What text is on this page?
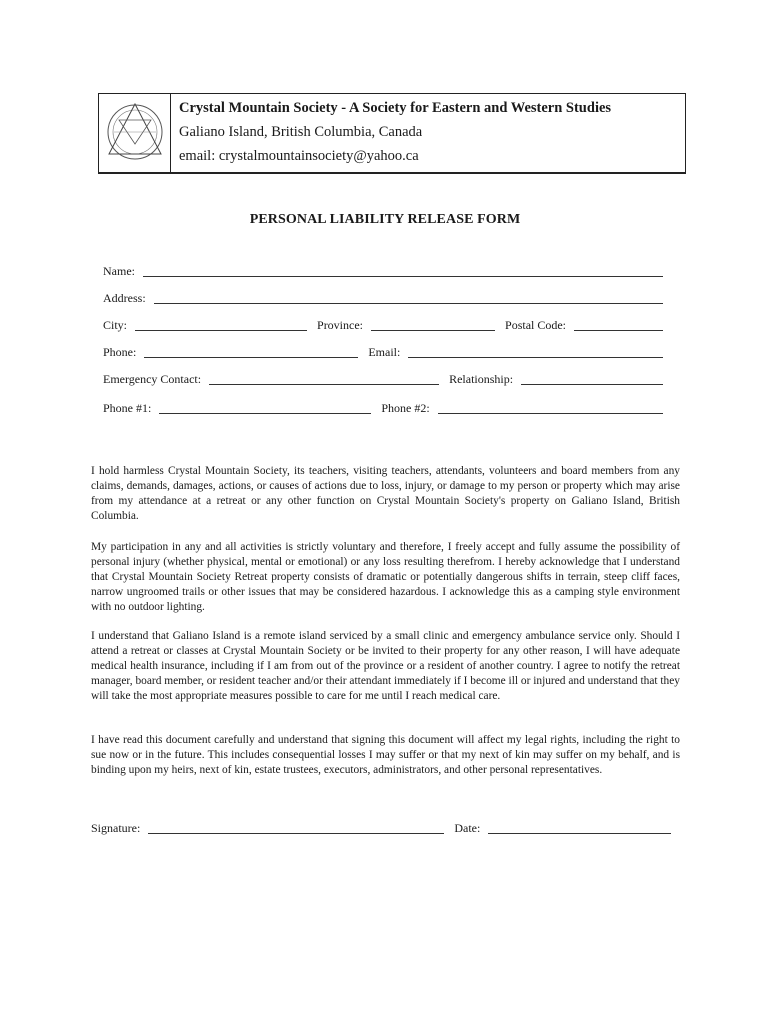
Crystal Mountain Society - A Society for Eastern and Western Studies
Galiano Island, British Columbia, Canada
email: crystalmountainsociety@yahoo.ca
PERSONAL LIABILITY RELEASE FORM
Name:
Address:
City:	Province:	Postal Code:
Phone:	Email:
Emergency Contact:	Relationship:
Phone #1:	Phone #2:

I hold harmless Crystal Mountain Society, its teachers, visiting teachers, attendants, volunteers and board members from any claims, demands, damages, actions, or causes of actions due to loss, injury, or damage to my person or property which may arise from my attendance at a retreat or any other function on Crystal Mountain Society's property on Galiano Island, British Columbia.

My participation in any and all activities is strictly voluntary and therefore, I freely accept and fully assume the possibility of personal injury (whether physical, mental or emotional) or any loss resulting therefrom. I hereby acknowledge that I understand that Crystal Mountain Society Retreat property consists of dramatic or potentially dangerous shifts in terrain, steep cliff faces, narrow ungroomed trails or other issues that may be considered hazardous. I acknowledge this as a camping style environment with no outdoor lighting.

I understand that Galiano Island is a remote island serviced by a small clinic and emergency ambulance service only. Should I attend a retreat or classes at Crystal Mountain Society or be invited to their property for any other reason, I will have adequate medical health insurance, including if I am from out of the province or a resident of another country. I agree to notify the retreat manager, board member, or resident teacher and/or their attendant immediately if I become ill or injured and understand that they will take the most appropriate measures possible to care for me until I reach medical care.

I have read this document carefully and understand that signing this document will affect my legal rights, including the right to sue now or in the future. This includes consequential losses I may suffer or that my next of kin may suffer on my behalf, and is binding upon my heirs, next of kin, estate trustees, executors, administrators, and other personal representatives.

Signature:	Date:
